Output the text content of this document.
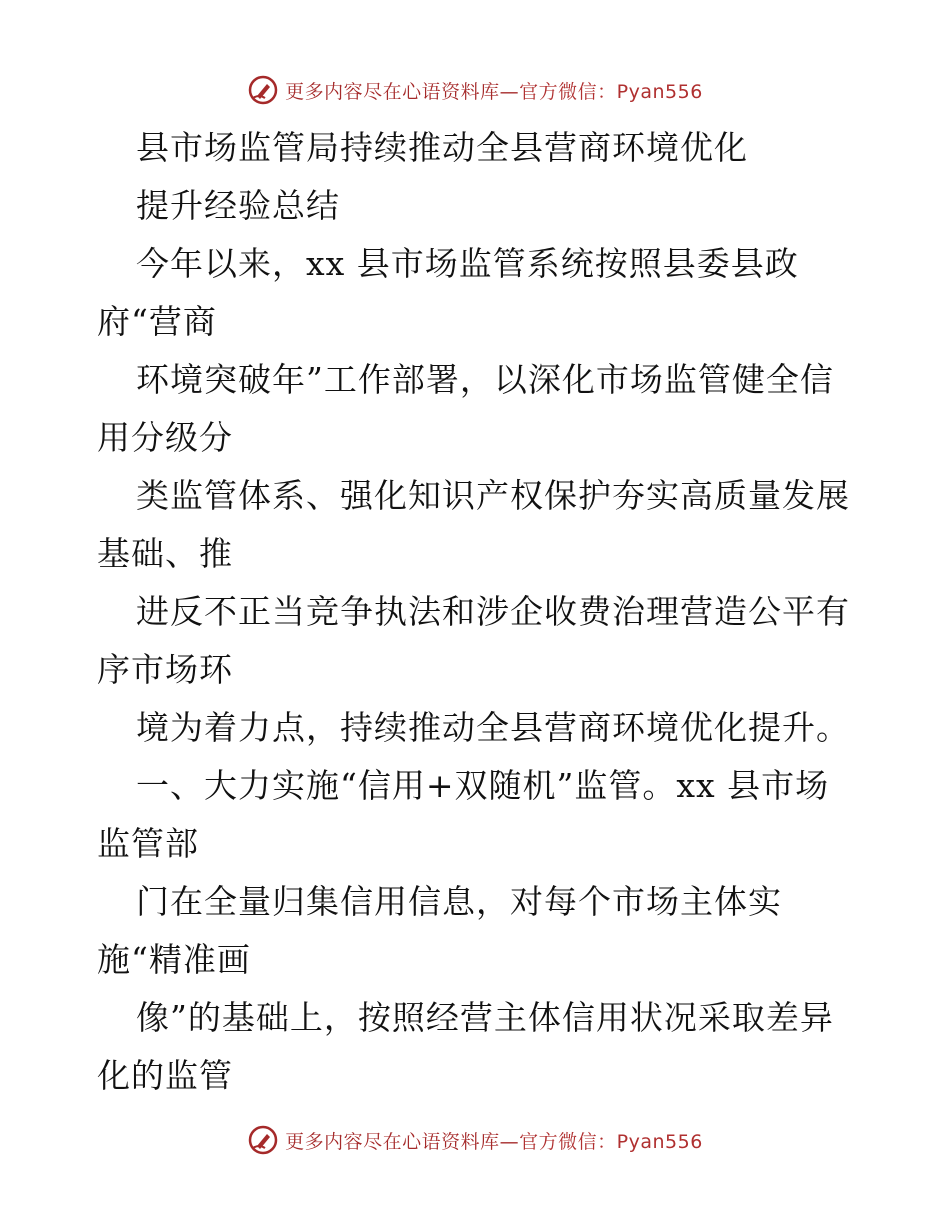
更多内容尽在心语资料库—官方微信：Pyan556
县市场监管局持续推动全县营商环境优化
提升经验总结
今年以来，xx 县市场监管系统按照县委县政
府“营商
环境突破年”工作部署，以深化市场监管健全信
用分级分
类监管体系、强化知识产权保护夯实高质量发展
基础、推
进反不正当竞争执法和涉企收费治理营造公平有
序市场环
境为着力点，持续推动全县营商环境优化提升。
一、大力实施“信用+双随机”监管。xx 县市场
监管部
门在全量归集信用信息，对每个市场主体实
施“精准画
像”的基础上，按照经营主体信用状况采取差异
化的监管
更多内容尽在心语资料库—官方微信：Pyan556
